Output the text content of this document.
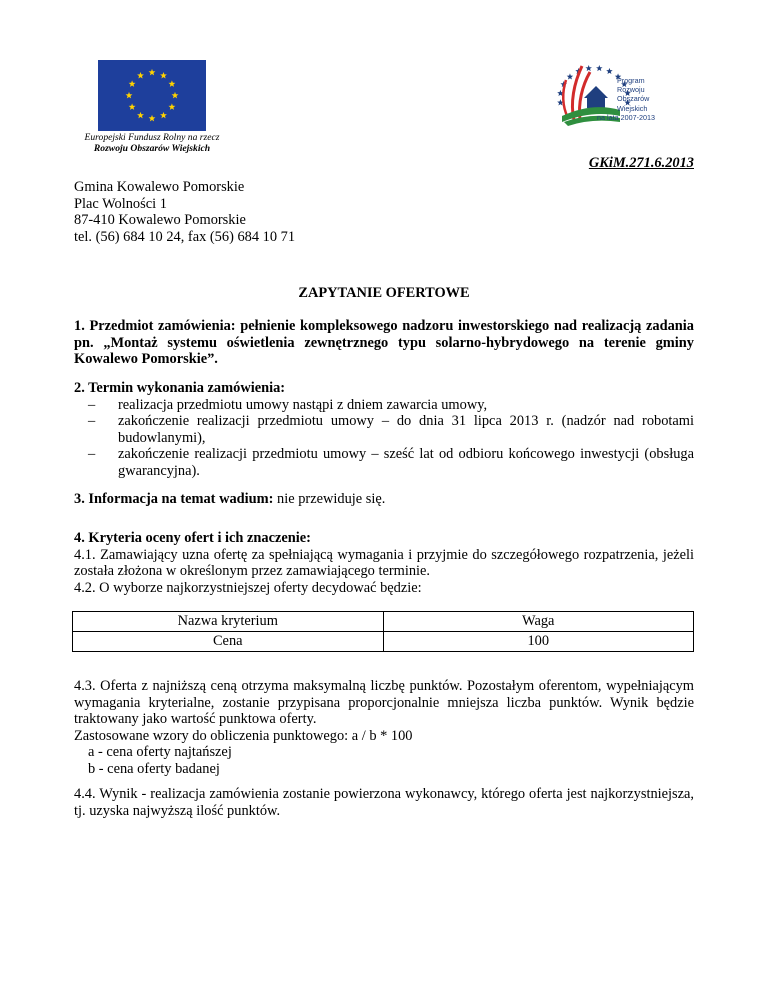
Europejski Fundusz Rolny na rzecz
Rozwoju Obszarów Wiejskich
Program
Rozwoju
Obszarów
Wiejskich
na lata 2007-2013
GKiM.271.6.2013
Gmina Kowalewo Pomorskie
Plac Wolności 1
87-410 Kowalewo Pomorskie
tel. (56) 684 10 24, fax (56) 684 10 71
ZAPYTANIE OFERTOWE
1. Przedmiot zamówienia: pełnienie kompleksowego nadzoru inwestorskiego nad realizacją zadania pn. „Montaż systemu oświetlenia zewnętrznego typu solarno-hybrydowego na terenie gminy Kowalewo Pomorskie”.
2. Termin wykonania zamówienia:
– realizacja przedmiotu umowy nastąpi z dniem zawarcia umowy,
– zakończenie realizacji przedmiotu umowy – do dnia 31 lipca 2013 r. (nadzór nad robotami budowlanymi),
– zakończenie realizacji przedmiotu umowy – sześć lat od odbioru końcowego inwestycji (obsługa gwarancyjna).
3. Informacja na temat wadium: nie przewiduje się.
4. Kryteria oceny ofert i ich znaczenie:
4.1. Zamawiający uzna ofertę za spełniającą wymagania i przyjmie do szczegółowego rozpatrzenia, jeżeli została złożona w określonym przez zamawiającego terminie.
4.2. O wyborze najkorzystniejszej oferty decydować będzie:
Nazwa kryterium	Waga
Cena	100
4.3. Oferta z najniższą ceną otrzyma maksymalną liczbę punktów. Pozostałym oferentom, wypełniającym wymagania kryterialne, zostanie przypisana proporcjonalnie mniejsza liczba punktów. Wynik będzie traktowany jako wartość punktowa oferty.
Zastosowane wzory do obliczenia punktowego: a / b * 100
a - cena oferty najtańszej
b - cena oferty badanej
4.4. Wynik - realizacja zamówienia zostanie powierzona wykonawcy, którego oferta jest najkorzystniejsza, tj. uzyska najwyższą ilość punktów.
